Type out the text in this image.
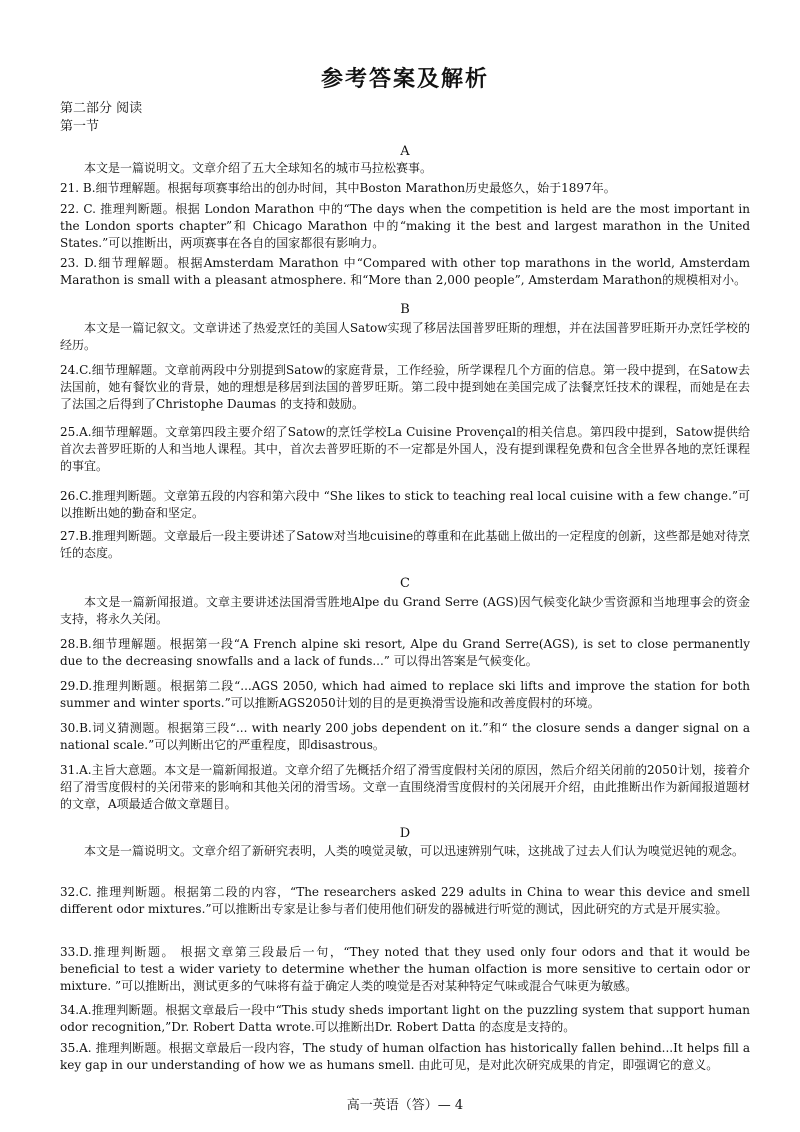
参考答案及解析
第二部分 阅读
第一节
A
本文是一篇说明文。文章介绍了五大全球知名的城市马拉松赛事。
21. B.细节理解题。根据每项赛事给出的创办时间，其中Boston Marathon历史最悠久，始于1897年。
22. C. 推理判断题。根据 London Marathon 中的“The days when the competition is held are the most important in the London sports chapter”和 Chicago Marathon 中的“making it the best and largest marathon in the United States.”可以推断出，两项赛事在各自的国家都很有影响力。
23. D.细节理解题。根据Amsterdam Marathon 中“Compared with other top marathons in the world, Amsterdam Marathon is small with a pleasant atmosphere. 和“More than 2,000 people”, Amsterdam Marathon的规模相对小。
B
本文是一篇记叙文。文章讲述了热爱烹饪的美国人Satow实现了移居法国普罗旺斯的理想，并在法国普罗旺斯开办烹饪学校的经历。
24.C.细节理解题。文章前两段中分别提到Satow的家庭背景，工作经验，所学课程几个方面的信息。第一段中提到，在Satow去法国前，她有餐饮业的背景，她的理想是移居到法国的普罗旺斯。第二段中提到她在美国完成了法餐烹饪技术的课程，而她是在去了法国之后得到了Christophe Daumas 的支持和鼓励。
25.A.细节理解题。文章第四段主要介绍了Satow的烹饪学校La Cuisine Provençal的相关信息。第四段中提到，Satow提供给首次去普罗旺斯的人和当地人课程。其中，首次去普罗旺斯的不一定都是外国人，没有提到课程免费和包含全世界各地的烹饪课程的事宜。
26.C.推理判断题。文章第五段的内容和第六段中 “She likes to stick to teaching real local cuisine with a few change.”可以推断出她的勤奋和坚定。
27.B.推理判断题。文章最后一段主要讲述了Satow对当地cuisine的尊重和在此基础上做出的一定程度的创新，这些都是她对待烹饪的态度。
C
本文是一篇新闻报道。文章主要讲述法国滑雪胜地Alpe du Grand Serre (AGS)因气候变化缺少雪资源和当地理事会的资金支持，将永久关闭。
28.B.细节理解题。根据第一段“A French alpine ski resort, Alpe du Grand Serre(AGS), is set to close permanently due to the decreasing snowfalls and a lack of funds...” 可以得出答案是气候变化。
29.D.推理判断题。根据第二段“...AGS 2050, which had aimed to replace ski lifts and improve the station for both summer and winter sports.”可以推断AGS2050计划的目的是更换滑雪设施和改善度假村的环境。
30.B.词义猜测题。根据第三段“... with nearly 200 jobs dependent on it.”和“ the closure sends a danger signal on a national scale.”可以判断出它的严重程度，即disastrous。
31.A.主旨大意题。本文是一篇新闻报道。文章介绍了先概括介绍了滑雪度假村关闭的原因，然后介绍关闭前的2050计划，接着介绍了滑雪度假村的关闭带来的影响和其他关闭的滑雪场。文章一直围绕滑雪度假村的关闭展开介绍，由此推断出作为新闻报道题材的文章，A项最适合做文章题目。
D
本文是一篇说明文。文章介绍了新研究表明，人类的嗅觉灵敏，可以迅速辨别气味，这挑战了过去人们认为嗅觉迟钝的观念。
32.C. 推理判断题。根据第二段的内容，“The researchers asked 229 adults in China to wear this device and smell different odor mixtures.”可以推断出专家是让参与者们使用他们研发的器械进行听觉的测试，因此研究的方式是开展实验。
33.D.推理判断题。 根据文章第三段最后一句，“They noted that they used only four odors and that it would be beneficial to test a wider variety to determine whether the human olfaction is more sensitive to certain odor or mixture. ”可以推断出，测试更多的气味将有益于确定人类的嗅觉是否对某种特定气味或混合气味更为敏感。
34.A.推理判断题。根据文章最后一段中“This study sheds important light on the puzzling system that support human odor recognition,”Dr. Robert Datta wrote.可以推断出Dr. Robert Datta 的态度是支持的。
35.A. 推理判断题。根据文章最后一段内容，The study of human olfaction has historically fallen behind...It helps fill a key gap in our understanding of how we as humans smell. 由此可见，是对此次研究成果的肯定，即强调它的意义。
高一英语（答）— 4
